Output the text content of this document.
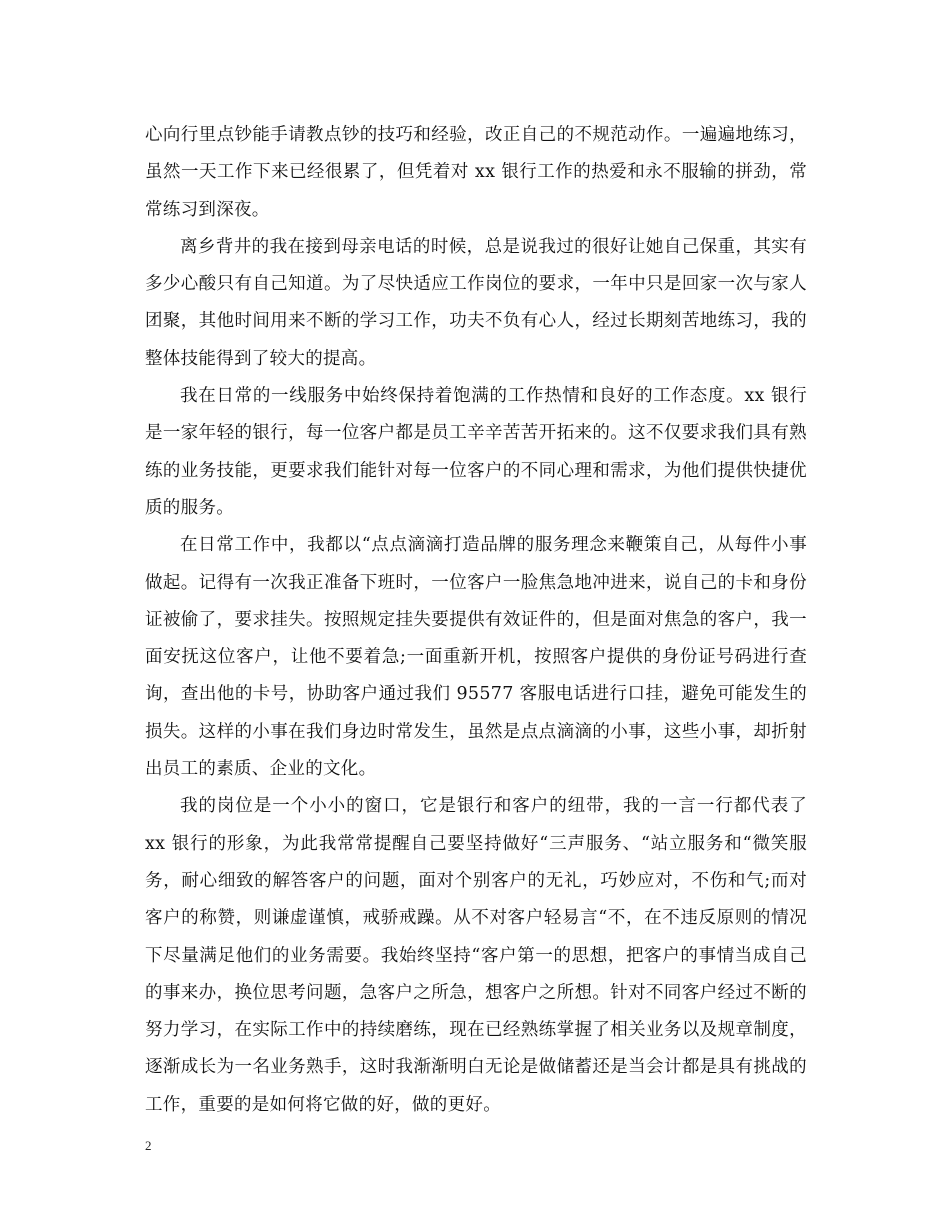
心向行里点钞能手请教点钞的技巧和经验，改正自己的不规范动作。一遍遍地练习，虽然一天工作下来已经很累了，但凭着对 xx 银行工作的热爱和永不服输的拼劲，常常练习到深夜。

离乡背井的我在接到母亲电话的时候，总是说我过的很好让她自己保重，其实有多少心酸只有自己知道。为了尽快适应工作岗位的要求，一年中只是回家一次与家人团聚，其他时间用来不断的学习工作，功夫不负有心人，经过长期刻苦地练习，我的整体技能得到了较大的提高。

我在日常的一线服务中始终保持着饱满的工作热情和良好的工作态度。xx 银行是一家年轻的银行，每一位客户都是员工辛辛苦苦开拓来的。这不仅要求我们具有熟练的业务技能，更要求我们能针对每一位客户的不同心理和需求，为他们提供快捷优质的服务。

在日常工作中，我都以“点点滴滴打造品牌的服务理念来鞭策自己，从每件小事做起。记得有一次我正准备下班时，一位客户一脸焦急地冲进来，说自己的卡和身份证被偷了，要求挂失。按照规定挂失要提供有效证件的，但是面对焦急的客户，我一面安抚这位客户，让他不要着急;一面重新开机，按照客户提供的身份证号码进行查询，查出他的卡号，协助客户通过我们 95577 客服电话进行口挂，避免可能发生的损失。这样的小事在我们身边时常发生，虽然是点点滴滴的小事，这些小事，却折射出员工的素质、企业的文化。

我的岗位是一个小小的窗口，它是银行和客户的纽带，我的一言一行都代表了 xx 银行的形象，为此我常常提醒自己要坚持做好“三声服务、“站立服务和“微笑服务，耐心细致的解答客户的问题，面对个别客户的无礼，巧妙应对，不伤和气;而对客户的称赞，则谦虚谨慎，戒骄戒躁。从不对客户轻易言“不，在不违反原则的情况下尽量满足他们的业务需要。我始终坚持“客户第一的思想，把客户的事情当成自己的事来办，换位思考问题，急客户之所急，想客户之所想。针对不同客户经过不断的努力学习，在实际工作中的持续磨练，现在已经熟练掌握了相关业务以及规章制度，逐渐成长为一名业务熟手，这时我渐渐明白无论是做储蓄还是当会计都是具有挑战的工作，重要的是如何将它做的好，做的更好。

2
